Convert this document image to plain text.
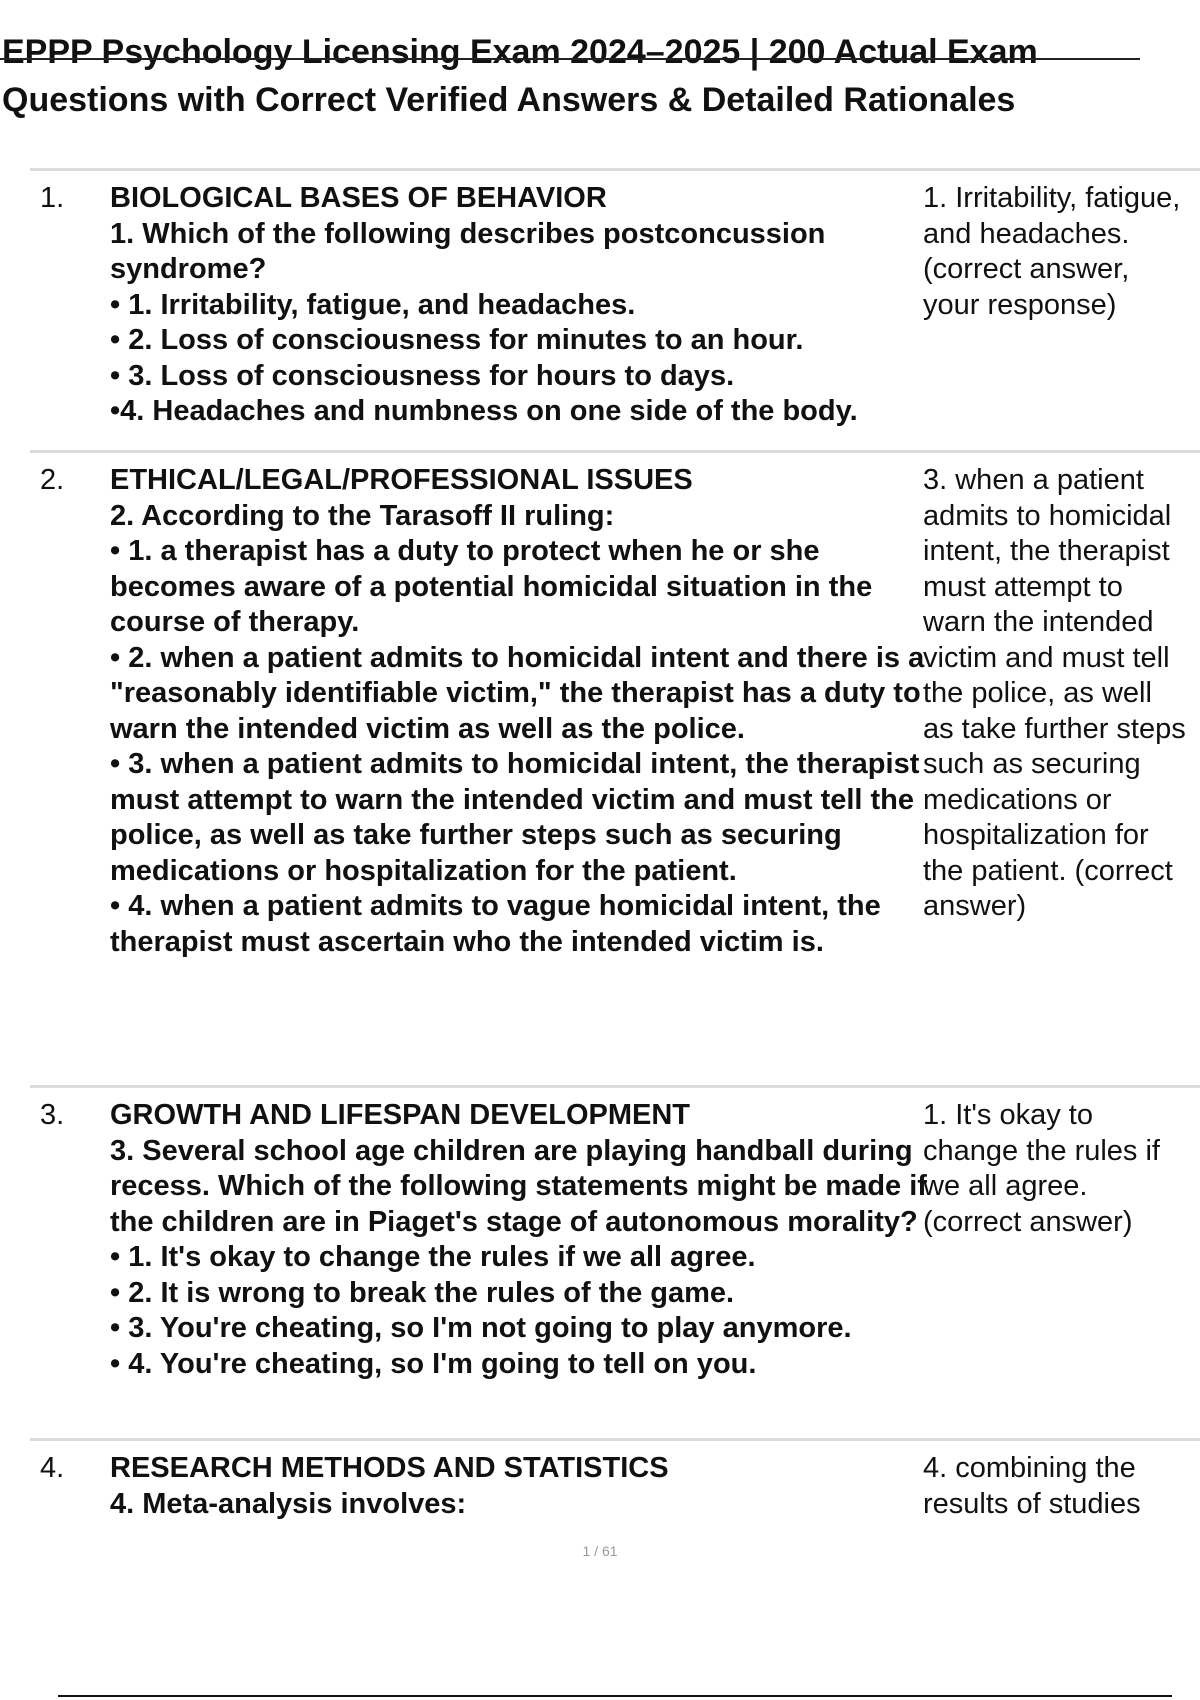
EPPP Psychology Licensing Exam 2024–2025 | 200 Actual Exam
Questions with Correct Verified Answers & Detailed Rationales
1. BIOLOGICAL BASES OF BEHAVIOR
1. Which of the following describes postconcussion syndrome?
• 1. Irritability, fatigue, and headaches.
• 2. Loss of consciousness for minutes to an hour.
• 3. Loss of consciousness for hours to days.
•4. Headaches and numbness on one side of the body.
1. Irritability, fatigue, and headaches. (correct answer, your response)
2. ETHICAL/LEGAL/PROFESSIONAL ISSUES
2. According to the Tarasoff II ruling:
• 1. a therapist has a duty to protect when he or she becomes aware of a potential homicidal situation in the course of therapy.
• 2. when a patient admits to homicidal intent and there is a "reasonably identifiable victim," the therapist has a duty to warn the intended victim as well as the police.
• 3. when a patient admits to homicidal intent, the therapist must attempt to warn the intended victim and must tell the police, as well as take further steps such as securing medications or hospitalization for the patient.
• 4. when a patient admits to vague homicidal intent, the therapist must ascertain who the intended victim is.
3. when a patient admits to homicidal intent, the therapist must attempt to warn the intended victim and must tell the police, as well as take further steps such as securing medications or hospitalization for the patient. (correct answer)
3. GROWTH AND LIFESPAN DEVELOPMENT
3. Several school age children are playing handball during recess. Which of the following statements might be made if the children are in Piaget's stage of autonomous morality?
• 1. It's okay to change the rules if we all agree.
• 2. It is wrong to break the rules of the game.
• 3. You're cheating, so I'm not going to play anymore.
• 4. You're cheating, so I'm going to tell on you.
1. It's okay to change the rules if we all agree. (correct answer)
4. RESEARCH METHODS AND STATISTICS
4. Meta-analysis involves:
4. combining the results of studies
1 / 61
